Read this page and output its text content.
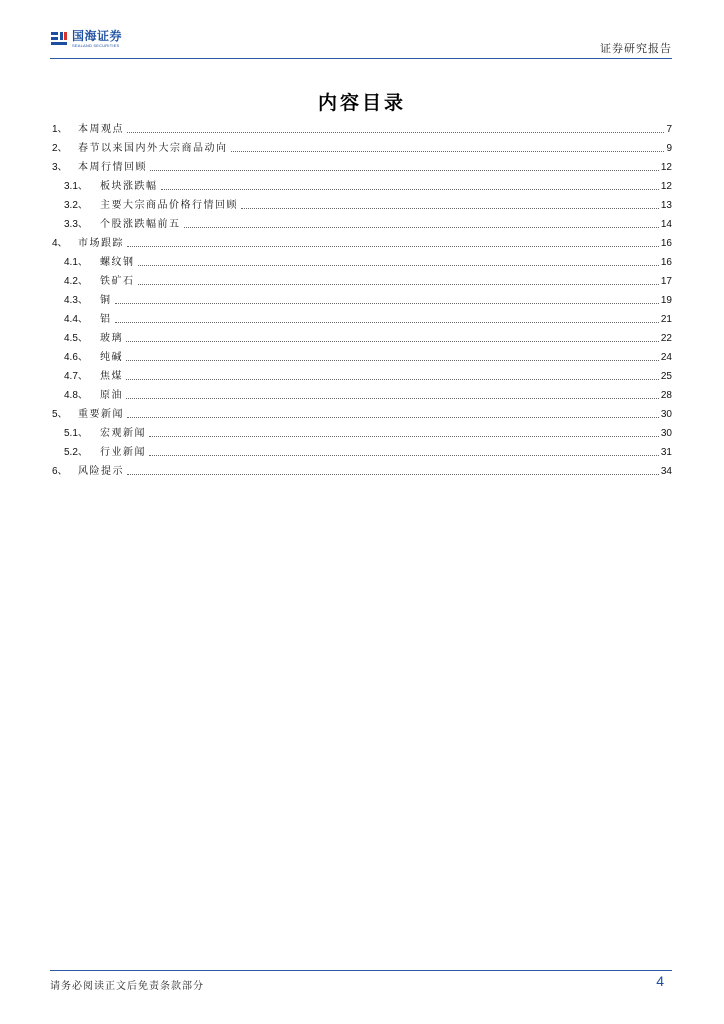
国海证券
SEALAND SECURITIES	证券研究报告
内容目录
1、	本周观点	7
2、	春节以来国内外大宗商品动向	9
3、	本周行情回顾	12
3.1、	板块涨跌幅	12
3.2、	主要大宗商品价格行情回顾	13
3.3、	个股涨跌幅前五	14
4、	市场跟踪	16
4.1、	螺纹钢	16
4.2、	铁矿石	17
4.3、	铜	19
4.4、	铝	21
4.5、	玻璃	22
4.6、	纯碱	24
4.7、	焦煤	25
4.8、	原油	28
5、	重要新闻	30
5.1、	宏观新闻	30
5.2、	行业新闻	31
6、	风险提示	34
请务必阅读正文后免责条款部分	4
